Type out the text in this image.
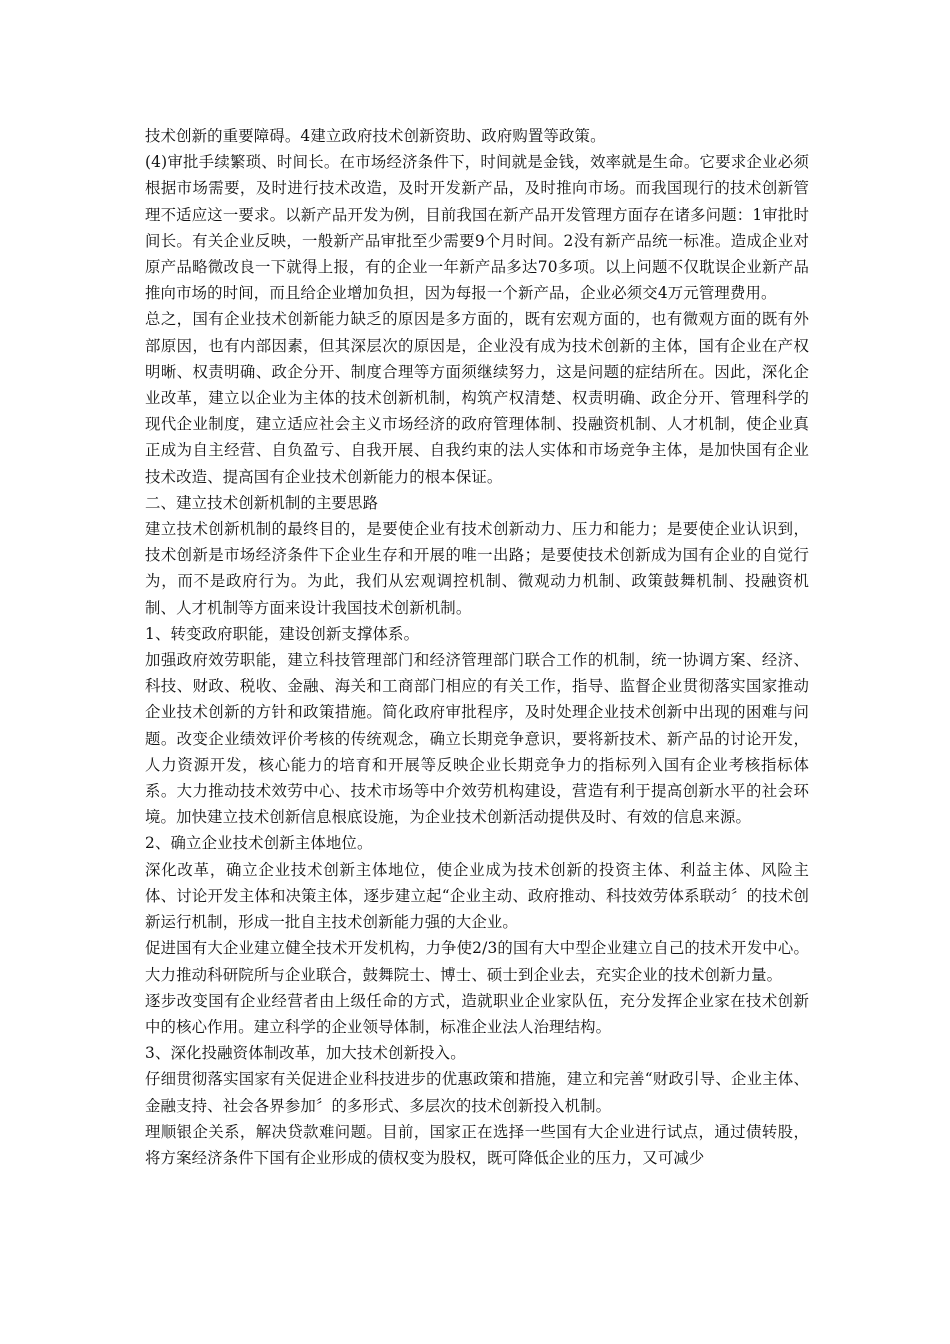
技术创新的重要障碍。4建立政府技术创新资助、政府购置等政策。

(4)审批手续繁琐、时间长。在市场经济条件下，时间就是金钱，效率就是生命。它要求企业必须根据市场需要，及时进行技术改造，及时开发新产品，及时推向市场。而我国现行的技术创新管理不适应这一要求。以新产品开发为例，目前我国在新产品开发管理方面存在诸多问题：1审批时间长。有关企业反映，一般新产品审批至少需要9个月时间。2没有新产品统一标准。造成企业对原产品略微改良一下就得上报，有的企业一年新产品多达70多项。以上问题不仅耽误企业新产品推向市场的时间，而且给企业增加负担，因为每报一个新产品，企业必须交4万元管理费用。

总之，国有企业技术创新能力缺乏的原因是多方面的，既有宏观方面的，也有微观方面的既有外部原因，也有内部因素，但其深层次的原因是，企业没有成为技术创新的主体，国有企业在产权明晰、权责明确、政企分开、制度合理等方面须继续努力，这是问题的症结所在。因此，深化企业改革，建立以企业为主体的技术创新机制，构筑产权清楚、权责明确、政企分开、管理科学的现代企业制度，建立适应社会主义市场经济的政府管理体制、投融资机制、人才机制，使企业真正成为自主经营、自负盈亏、自我开展、自我约束的法人实体和市场竞争主体，是加快国有企业技术改造、提高国有企业技术创新能力的根本保证。

二、建立技术创新机制的主要思路

建立技术创新机制的最终目的，是要使企业有技术创新动力、压力和能力；是要使企业认识到，技术创新是市场经济条件下企业生存和开展的唯一出路；是要使技术创新成为国有企业的自觉行为，而不是政府行为。为此，我们从宏观调控机制、微观动力机制、政策鼓舞机制、投融资机制、人才机制等方面来设计我国技术创新机制。

1、转变政府职能，建设创新支撑体系。

加强政府效劳职能，建立科技管理部门和经济管理部门联合工作的机制，统一协调方案、经济、科技、财政、税收、金融、海关和工商部门相应的有关工作，指导、监督企业贯彻落实国家推动企业技术创新的方针和政策措施。简化政府审批程序，及时处理企业技术创新中出现的困难与问题。改变企业绩效评价考核的传统观念，确立长期竞争意识，要将新技术、新产品的讨论开发，人力资源开发，核心能力的培育和开展等反映企业长期竞争力的指标列入国有企业考核指标体系。大力推动技术效劳中心、技术市场等中介效劳机构建设，营造有利于提高创新水平的社会环境。加快建立技术创新信息根底设施，为企业技术创新活动提供及时、有效的信息来源。

2、确立企业技术创新主体地位。

深化改革，确立企业技术创新主体地位，使企业成为技术创新的投资主体、利益主体、风险主体、讨论开发主体和决策主体，逐步建立起“企业主动、政府推动、科技效劳体系联动〞的技术创新运行机制，形成一批自主技术创新能力强的大企业。

促进国有大企业建立健全技术开发机构，力争使2/3的国有大中型企业建立自己的技术开发中心。大力推动科研院所与企业联合，鼓舞院士、博士、硕士到企业去，充实企业的技术创新力量。

逐步改变国有企业经营者由上级任命的方式，造就职业企业家队伍，充分发挥企业家在技术创新中的核心作用。建立科学的企业领导体制，标准企业法人治理结构。

3、深化投融资体制改革，加大技术创新投入。

仔细贯彻落实国家有关促进企业科技进步的优惠政策和措施，建立和完善“财政引导、企业主体、金融支持、社会各界参加〞的多形式、多层次的技术创新投入机制。

理顺银企关系，解决贷款难问题。目前，国家正在选择一些国有大企业进行试点，通过债转股，将方案经济条件下国有企业形成的债权变为股权，既可降低企业的压力，又可减少
